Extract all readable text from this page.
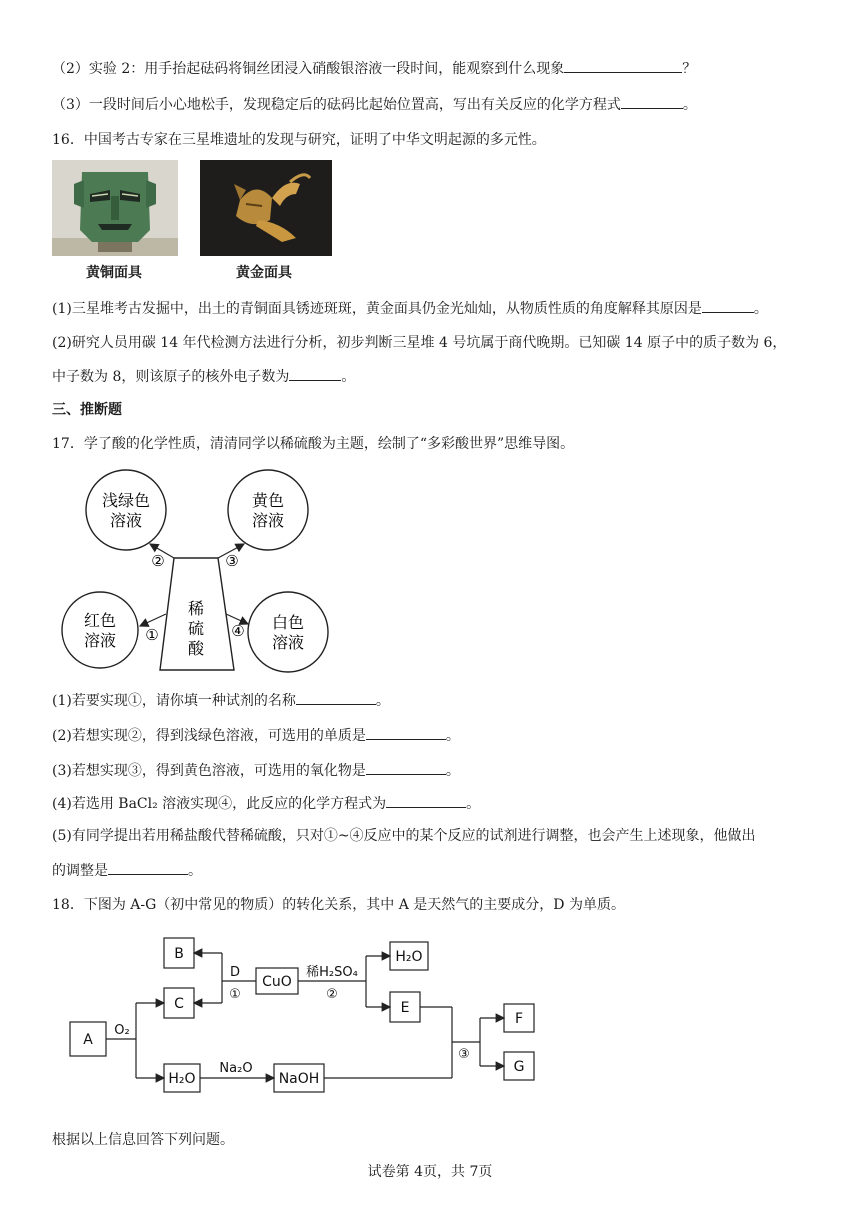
（2）实验 2：用手抬起砝码将铜丝团浸入硝酸银溶液一段时间，能观察到什么现象	？
（3）一段时间后小心地松手，发现稳定后的砝码比起始位置高，写出有关反应的化学方程式	。
16．中国考古专家在三星堆遗址的发现与研究，证明了中华文明起源的多元性。
黄铜面具	黄金面具
(1)三星堆考古发掘中，出土的青铜面具锈迹斑斑，黄金面具仍金光灿灿，从物质性质的角度解释其原因是	。
(2)研究人员用碳 14 年代检测方法进行分析，初步判断三星堆 4 号坑属于商代晚期。已知碳 14 原子中的质子数为 6，
中子数为 8，则该原子的核外电子数为	。
三、推断题
17．学了酸的化学性质，清清同学以稀硫酸为主题，绘制了“多彩酸世界”思维导图。
稀
硫
酸
浅绿色
溶液
黄色
溶液
红色
溶液
白色
溶液
②	③
①	④
(1)若要实现①，请你填一种试剂的名称	。
(2)若想实现②，得到浅绿色溶液，可选用的单质是	。
(3)若想实现③，得到黄色溶液，可选用的氧化物是	。
(4)若选用 BaCl₂ 溶液实现④，此反应的化学方程式为	。
(5)有同学提出若用稀盐酸代替稀硫酸，只对①~④反应中的某个反应的试剂进行调整，也会产生上述现象，他做出
的调整是	。
18．下图为 A-G（初中常见的物质）的转化关系，其中 A 是天然气的主要成分，D 为单质。
A
B
C
CuO
H₂O
E
F
G
H₂O	NaOH
O₂
D
①
稀H₂SO₄
②
③
Na₂O
根据以上信息回答下列问题。
试卷第 4页，共 7页
